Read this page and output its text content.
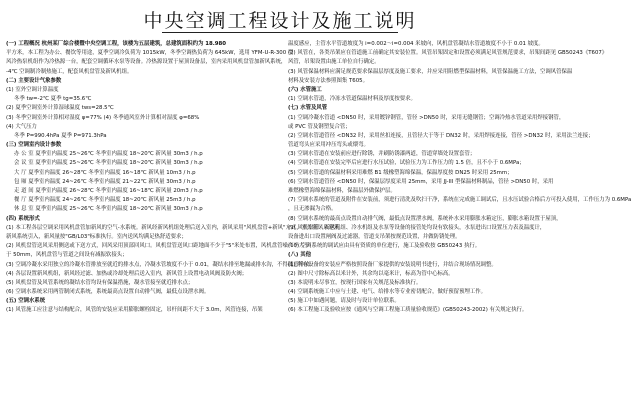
中央空调工程设计及施工说明
(一) 工程概况 杭州某厂综合楼暨中央空调工程，该楼为五层建筑，总建筑面积约为 18.980
平方米，本工程为办公、餐饮等用途，夏季空调冷负荷为 1015kW，冬季空调热负荷为 645kW，选用 YFM-U-R-300 型
风冷热泵机组作为冷热源一台，配套空调循环水泵等设备。冷热源设置于屋顶设备层，室内采用风机盘管加新风系统，
-4℃ 空调制冷制热施工，配套风机盘管及新风机组。
(二) 主要设计气象参数
(1) 室外空调计算温度
冬季 tw=-2℃ 夏季 tg=35.6℃
(2) 夏季空调室外计算湿球温度 tws=28.5℃
(3) 冬季空调室外计算相对湿度 φ=77% (4) 冬季通风室外计算相对湿度 φ=68%
(4) 大气压力
冬季 P=990.4hPa 夏季 P=971.3hPa
(三) 空调室内设计参数
办 公 室 夏季室内温度 25~26℃ 冬季室内温度 18~20℃ 新风量 30m3 / h.p
会 议 室 夏季室内温度 25~26℃ 冬季室内温度 18~20℃ 新风量 30m3 / h.p
大 厅 夏季室内温度 26~28℃ 冬季室内温度 16~18℃ 新风量 10m3 / h.p
包 厢 夏季室内温度 24~26℃ 冬季室内温度 21~22℃ 新风量 30m3 / h.p
走 道 间 夏季室内温度 26~28℃ 冬季室内温度 16~18℃ 新风量 20m3 / h.p
餐 厅 夏季室内温度 24~26℃ 冬季室内温度 18~20℃ 新风量 25m3 / h.p
休 息 室 夏季室内温度 25~26℃ 冬季室内温度 18~20℃ 新风量 30m3 / h.p
(四) 系统形式
(1) 本工程各层空调采用风机盘管加新风的空气-水系统。新风经新风机组处理后送入室内，新风采用"风机盘管+新风"方式，室外新风从建筑
新风系统引入，新风量按"GB/L03"标准执行。室内送风均满足热舒适要求；
(2) 风机盘管送风采用侧送或下送方式，回风采用顶部回风口。风机盘管送风口距地面不少于"5"米处布置，风机盘管噪声不大于
于 50mm，风机盘管与管道之间设有减振软接头；
(3) 空调冷凝水采用独立的冷凝水管排放至就近的排水点，冷凝水管坡度不小于 0.01，凝结水排至地漏或排水沟，不得随意排放；
(4) 各层设置新风机组，新风经过滤、加热或冷却处理后送入室内，新风管上设置电动风阀及防火阀；
(5) 风机盘管及风管系统的凝结水管均设有保温措施，凝水管接至就近排水点；
(6) 空调水系统采用两管制闭式系统，系统最高点设置自动排气阀，最低点设泄水阀。
(五) 空调水系统
(1) 风管施工应注意与结构配合，风管的安装应采用膨胀螺栓固定，吊杆间距不大于 3.0m，风管连接，吊架
温度感应，主管水平管道坡度为 i=0.002～i=0.004 米坡向，风机盘管凝结水管道坡度不小于 0.01 坡度。
(2) 风管在，各类吊架应在管道施工前确定其安装位置。风管吊架固定和设置必须满足风管规范要求，吊架间距见 GB50243《T607》
风管，吊架设置由施工单位自行确定。
(3) 风管保温材料应满足规范要求保温层厚度及施工要求，并应采用阻燃型保温材料，风管保温施工方法，空调风管保温
材料及安装方法参照图集 T605。
(六) 水管施工
(1) 空调水管道，冷冻水管道保温材料及厚度按要求。
(七) 水管及风管
(1) 空调冷凝水管道 <DN50 时，采用镀锌钢管，管径 >DN50 时，采用无缝钢管；空调冷热水管道采用焊接钢管，
或 PVC 管及钢塑复合管；
(2) 空调水管道管径 <DN32 时，采用丝扣连接，且管径大于等于 DN32 时，采用焊接连接，管径 >DN32 时，采用法兰连接；
管道弯头应采用冲压弯头或煨弯。
(3) 空调水管道在安装前应进行除锈，并刷防锈漆两道，管道穿墙处设置套管；
(4) 空调水管道在安装完毕后应进行水压试验，试验压力为工作压力的 1.5 倍，且不小于 0.6MPa；
(5) 空调水管道的保温材料采用难燃 B1 级橡塑海绵保温，保温厚度按 DN25 时采用 25mm；
(6) 空调水管道管径 <DN50 时，保温层厚度采用 25mm，采用 JJ-III 型保温材料制品，管径 >DN50 时，采用
难燃橡塑海绵保温材料，保温层外做保护层。
(7) 空调水系统的管道及附件在安装前，须进行清洗及吹扫干净，系统在完成施工调试后，且水压试验合格后方可投入使用，工作压力为 0.6MPa
，且无渗漏为合格。
(8) 空调水系统的最高点设置自动排气阀，最低点设置泄水阀，系统补水采用膨胀水箱定压，膨胀水箱设置于屋顶，
(9) 风机盘管、新风机组、冷水机组及水泵等设备的接管处均设有软接头，水泵进出口设置压力表及温度计，
设备进出口设置闸阀及过滤器，管道支吊架按规范设置，并做防锈处理。
(10) 空调系统的调试应由具有资质的单位进行，施工及验收按 GB50243 执行。
(八) 其他
(1) 所有设备的安装应严格按照设备厂家提供的安装说明书进行，并结合现场情况调整。
(2) 图中尺寸除标高以米计外，其余均以毫米计，标高为管中心标高。
(3) 本说明未尽事宜，按现行国家有关规范及标准执行。
(4) 空调系统施工中应与土建、电气、给排水等专业密切配合，做好预留预埋工作。
(5) 施工中如遇问题，请及时与设计单位联系。
(6) 本工程施工及验收应按《通风与空调工程施工质量验收规范》(GB50243-2002) 有关规定执行。
